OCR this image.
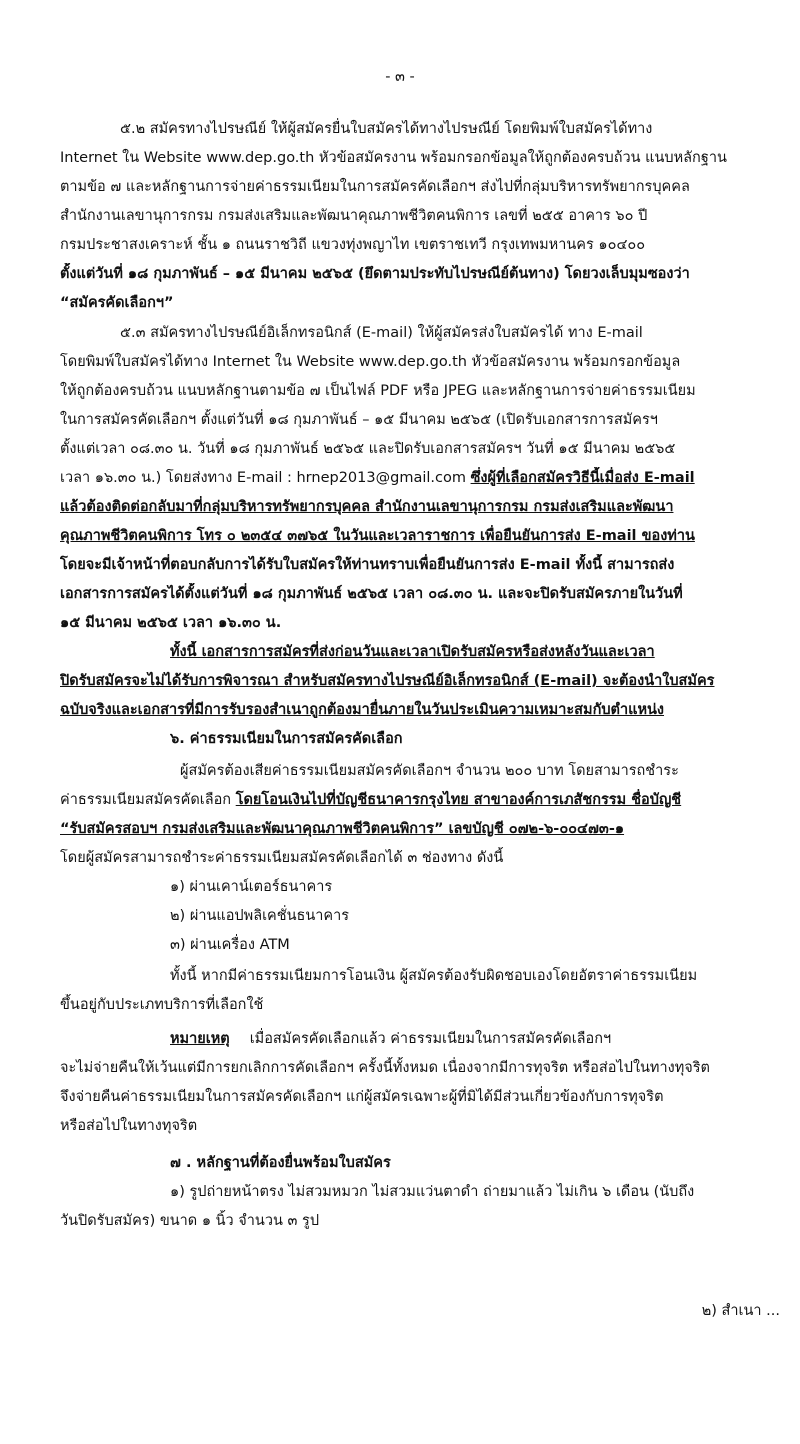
- ๓ -
๕.๒ สมัครทางไปรษณีย์ ให้ผู้สมัครยื่นใบสมัครได้ทางไปรษณีย์ โดยพิมพ์ใบสมัครได้ทาง
Internet ใน Website www.dep.go.th หัวข้อสมัครงาน พร้อมกรอกข้อมูลให้ถูกต้องครบถ้วน แนบหลักฐาน
ตามข้อ ๗ และหลักฐานการจ่ายค่าธรรมเนียมในการสมัครคัดเลือกฯ ส่งไปที่กลุ่มบริหารทรัพยากรบุคคล
สำนักงานเลขานุการกรม กรมส่งเสริมและพัฒนาคุณภาพชีวิตคนพิการ เลขที่ ๒๕๕ อาคาร ๖๐ ปี
กรมประชาสงเคราะห์ ชั้น ๑ ถนนราชวิถี แขวงทุ่งพญาไท เขตราชเทวี กรุงเทพมหานคร ๑๐๔๐๐
ตั้งแต่วันที่ ๑๘ กุมภาพันธ์ – ๑๕ มีนาคม ๒๕๖๕ (ยึดตามประทับไปรษณีย์ต้นทาง) โดยวงเล็บมุมซองว่า
“สมัครคัดเลือกฯ”
๕.๓ สมัครทางไปรษณีย์อิเล็กทรอนิกส์ (E-mail) ให้ผู้สมัครส่งใบสมัครได้ ทาง E-mail
โดยพิมพ์ใบสมัครได้ทาง Internet ใน Website www.dep.go.th หัวข้อสมัครงาน พร้อมกรอกข้อมูล
ให้ถูกต้องครบถ้วน แนบหลักฐานตามข้อ ๗ เป็นไฟล์ PDF หรือ JPEG และหลักฐานการจ่ายค่าธรรมเนียม
ในการสมัครคัดเลือกฯ ตั้งแต่วันที่ ๑๘ กุมภาพันธ์ – ๑๕ มีนาคม ๒๕๖๕ (เปิดรับเอกสารการสมัครฯ
ตั้งแต่เวลา ๐๘.๓๐ น. วันที่ ๑๘ กุมภาพันธ์ ๒๕๖๕ และปิดรับเอกสารสมัครฯ วันที่ ๑๕ มีนาคม ๒๕๖๕
เวลา ๑๖.๓๐ น.) โดยส่งทาง E-mail : hrnep2013@gmail.com ซึ่งผู้ที่เลือกสมัครวิธีนี้เมื่อส่ง E-mail
แล้วต้องติดต่อกลับมาที่กลุ่มบริหารทรัพยากรบุคคล สำนักงานเลขานุการกรม กรมส่งเสริมและพัฒนา
คุณภาพชีวิตคนพิการ โทร ๐ ๒๓๕๔ ๓๗๖๕ ในวันและเวลาราชการ เพื่อยืนยันการส่ง E-mail ของท่าน
โดยจะมีเจ้าหน้าที่ตอบกลับการได้รับใบสมัครให้ท่านทราบเพื่อยืนยันการส่ง E-mail ทั้งนี้ สามารถส่ง
เอกสารการสมัครได้ตั้งแต่วันที่ ๑๘ กุมภาพันธ์ ๒๕๖๕ เวลา ๐๘.๓๐ น. และจะปิดรับสมัครภายในวันที่
๑๕ มีนาคม ๒๕๖๕ เวลา ๑๖.๓๐ น.
ทั้งนี้ เอกสารการสมัครที่ส่งก่อนวันและเวลาเปิดรับสมัครหรือส่งหลังวันและเวลา
ปิดรับสมัครจะไม่ได้รับการพิจารณา สำหรับสมัครทางไปรษณีย์อิเล็กทรอนิกส์ (E-mail) จะต้องนำใบสมัคร
ฉบับจริงและเอกสารที่มีการรับรองสำเนาถูกต้องมายื่นภายในวันประเมินความเหมาะสมกับตำแหน่ง
๖. ค่าธรรมเนียมในการสมัครคัดเลือก
ผู้สมัครต้องเสียค่าธรรมเนียมสมัครคัดเลือกฯ จำนวน ๒๐๐ บาท โดยสามารถชำระ
ค่าธรรมเนียมสมัครคัดเลือก โดยโอนเงินไปที่บัญชีธนาคารกรุงไทย สาขาองค์การเภสัชกรรม ชื่อบัญชี
“รับสมัครสอบฯ กรมส่งเสริมและพัฒนาคุณภาพชีวิตคนพิการ” เลขบัญชี ๐๗๒-๖-๐๐๔๗๓-๑
โดยผู้สมัครสามารถชำระค่าธรรมเนียมสมัครคัดเลือกได้ ๓ ช่องทาง ดังนี้
๑) ผ่านเคาน์เตอร์ธนาคาร
๒) ผ่านแอปพลิเคชั่นธนาคาร
๓) ผ่านเครื่อง ATM
ทั้งนี้ หากมีค่าธรรมเนียมการโอนเงิน ผู้สมัครต้องรับผิดชอบเองโดยอัตราค่าธรรมเนียม
ขึ้นอยู่กับประเภทบริการที่เลือกใช้
หมายเหตุ เมื่อสมัครคัดเลือกแล้ว ค่าธรรมเนียมในการสมัครคัดเลือกฯ
จะไม่จ่ายคืนให้เว้นแต่มีการยกเลิกการคัดเลือกฯ ครั้งนี้ทั้งหมด เนื่องจากมีการทุจริต หรือส่อไปในทางทุจริต
จึงจ่ายคืนค่าธรรมเนียมในการสมัครคัดเลือกฯ แก่ผู้สมัครเฉพาะผู้ที่มิได้มีส่วนเกี่ยวข้องกับการทุจริต
หรือส่อไปในทางทุจริต
๗ . หลักฐานที่ต้องยื่นพร้อมใบสมัคร
๑) รูปถ่ายหน้าตรง ไม่สวมหมวก ไม่สวมแว่นตาดำ ถ่ายมาแล้ว ไม่เกิน ๖ เดือน (นับถึง
วันปิดรับสมัคร) ขนาด ๑ นิ้ว จำนวน ๓ รูป
๒) สำเนา ...
